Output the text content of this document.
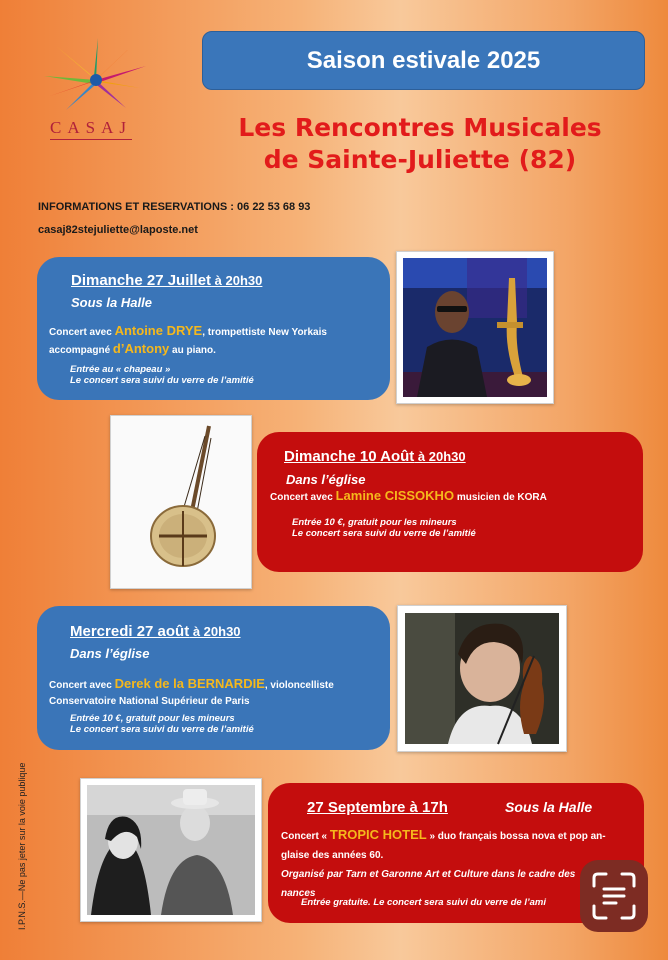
CASAJ
Saison estivale 2025
Les Rencontres Musicales
de Sainte-Juliette (82)
INFORMATIONS ET RESERVATIONS : 06 22 53 68 93
casaj82stejuliette@laposte.net
Dimanche 27 Juillet à 20h30
Sous la Halle
Concert avec Antoine DRYE, trompettiste New Yorkais
accompagné d’Antony au piano.
Entrée au « chapeau »
Le concert sera suivi du verre de l’amitié
Dimanche 10 Août à 20h30
Dans l’église
Concert avec Lamine CISSOKHO musicien de KORA
Entrée 10 €, gratuit pour les mineurs
Le concert sera suivi du verre de l’amitié
Mercredi 27 août à 20h30
Dans l’église
Concert avec Derek de la BERNARDIE, violoncelliste
Conservatoire National Supérieur de Paris
Entrée 10 €, gratuit pour les mineurs
Le concert sera suivi du verre de l’amitié
27 Septembre à 17h	Sous la Halle
Concert « TROPIC HOTEL » duo français bossa nova et pop an-
glaise des années 60.
Organisé par Tarn et Garonne Art et Culture dans le cadre des
nances
Entrée gratuite. Le concert sera suivi du verre de l’ami
I.P.N.S.—Ne pas jeter sur la voie publique
